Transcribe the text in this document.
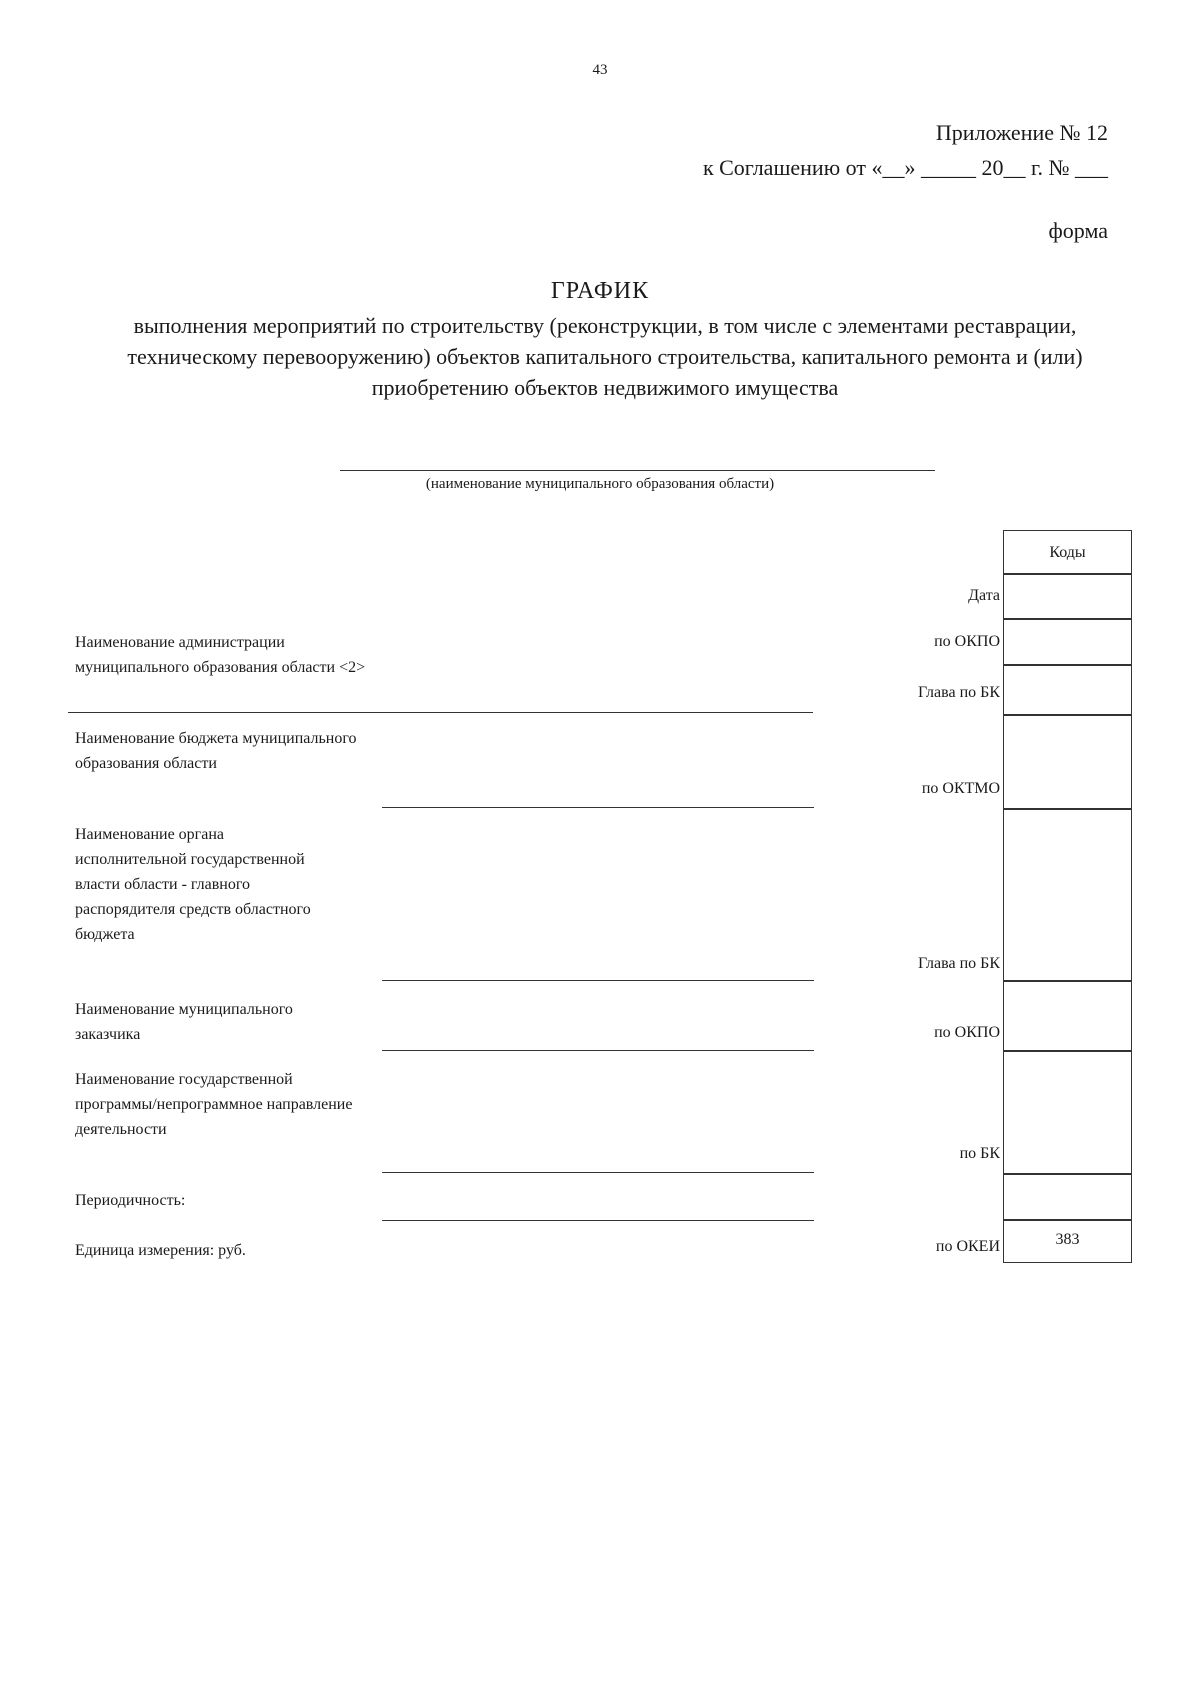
43
Приложение № 12
к Соглашению от «__» _____ 20__ г. № ___
форма
ГРАФИК
выполнения мероприятий по строительству (реконструкции, в том числе с элементами реставрации, техническому перевооружению) объектов капитального строительства, капитального ремонта и (или) приобретению объектов недвижимого имущества
(наименование муниципального образования области)
Коды
383
Наименование администрации муниципального образования области <2>
Наименование бюджета муниципального образования области
Наименование органа исполнительной государственной власти области - главного распорядителя средств областного бюджета
Наименование муниципального заказчика
Наименование государственной программы/непрограммное направление деятельности
Периодичность:
Единица измерения: руб.
Дата
по ОКПО
Глава по БК
по ОКТМО
Глава по БК
по ОКПО
по БК
по ОКЕИ
